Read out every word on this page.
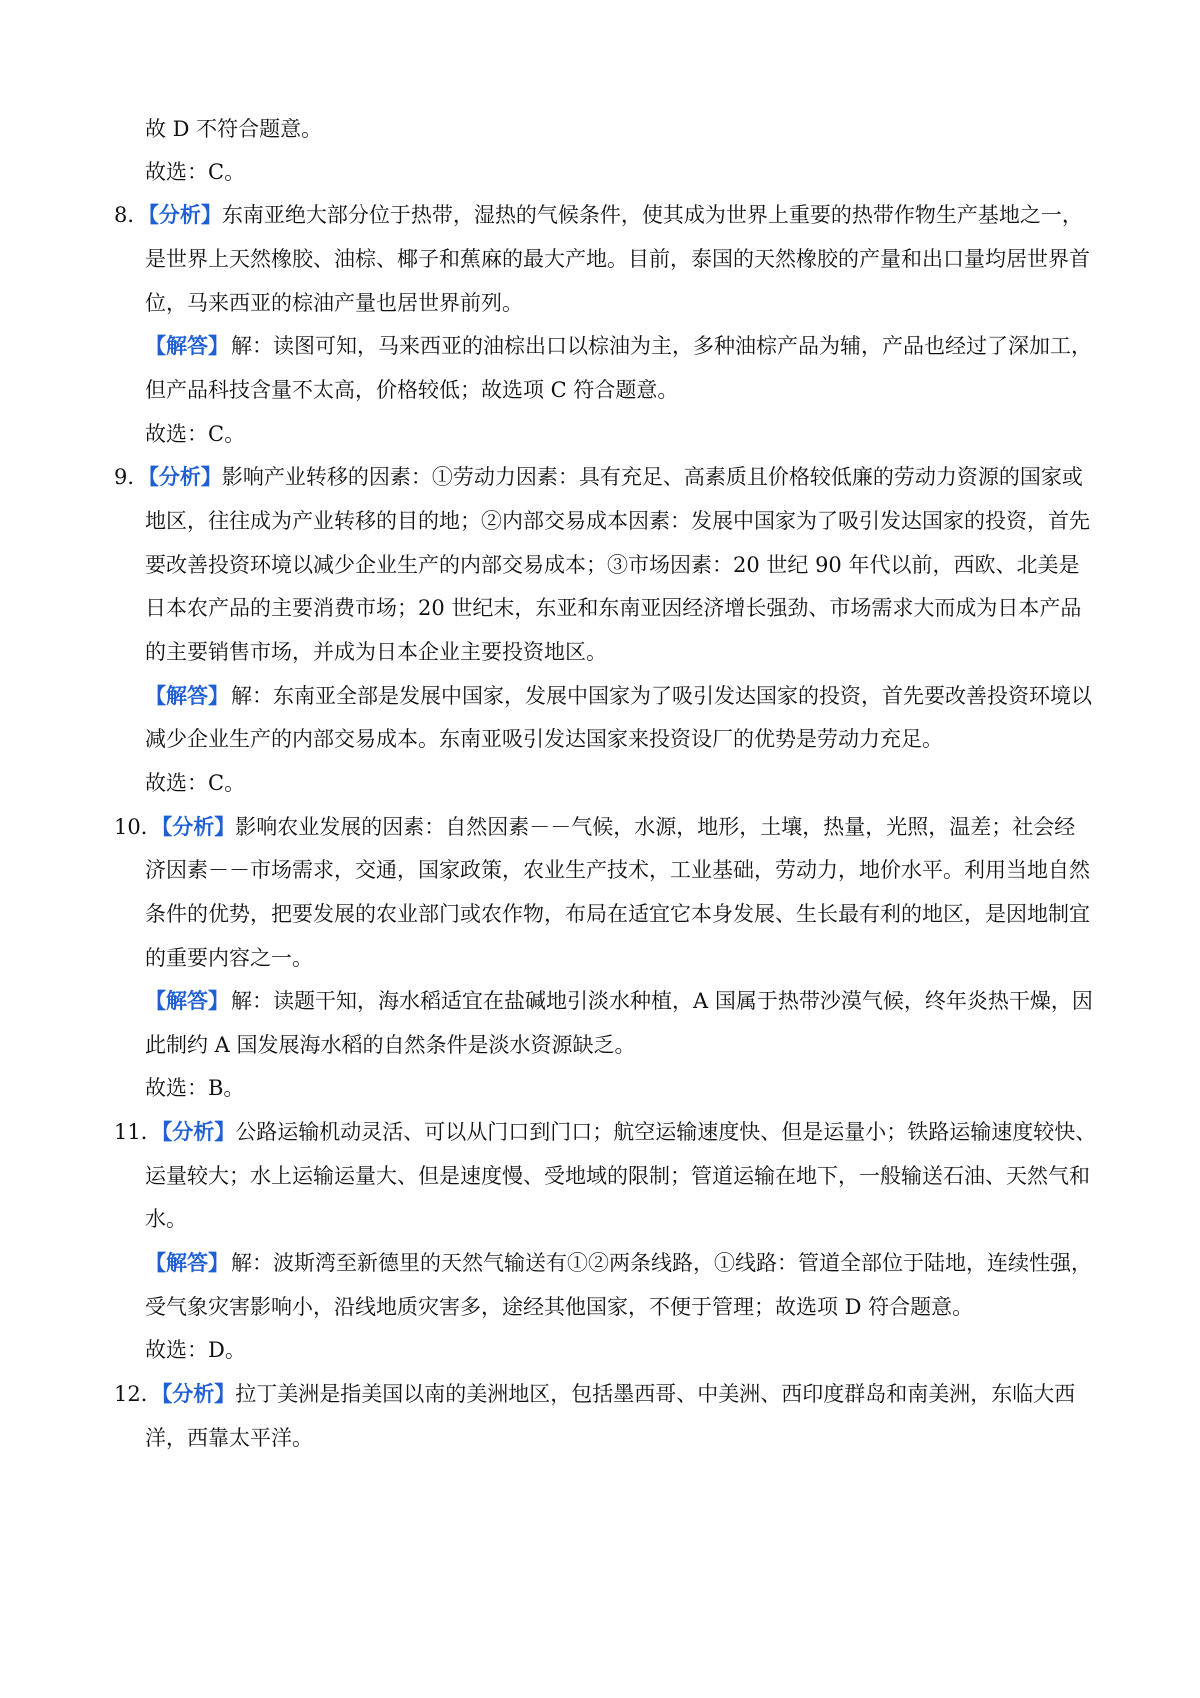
故 D 不符合题意。
故选：C。
8．【分析】东南亚绝大部分位于热带，湿热的气候条件，使其成为世界上重要的热带作物生产基地之一，
是世界上天然橡胶、油棕、椰子和蕉麻的最大产地。目前，泰国的天然橡胶的产量和出口量均居世界首
位，马来西亚的棕油产量也居世界前列。
【解答】解：读图可知，马来西亚的油棕出口以棕油为主，多种油棕产品为辅，产品也经过了深加工，
但产品科技含量不太高，价格较低；故选项 C 符合题意。
故选：C。
9．【分析】影响产业转移的因素：①劳动力因素：具有充足、高素质且价格较低廉的劳动力资源的国家或
地区，往往成为产业转移的目的地；②内部交易成本因素：发展中国家为了吸引发达国家的投资，首先
要改善投资环境以减少企业生产的内部交易成本；③市场因素：20 世纪 90 年代以前，西欧、北美是
日本农产品的主要消费市场；20 世纪末，东亚和东南亚因经济增长强劲、市场需求大而成为日本产品
的主要销售市场，并成为日本企业主要投资地区。
【解答】解：东南亚全部是发展中国家，发展中国家为了吸引发达国家的投资，首先要改善投资环境以
减少企业生产的内部交易成本。东南亚吸引发达国家来投资设厂的优势是劳动力充足。
故选：C。
10．【分析】影响农业发展的因素：自然因素－－气候，水源，地形，土壤，热量，光照，温差；社会经
济因素－－市场需求，交通，国家政策，农业生产技术，工业基础，劳动力，地价水平。利用当地自然
条件的优势，把要发展的农业部门或农作物，布局在适宜它本身发展、生长最有利的地区，是因地制宜
的重要内容之一。
【解答】解：读题干知，海水稻适宜在盐碱地引淡水种植，A 国属于热带沙漠气候，终年炎热干燥，因
此制约 A 国发展海水稻的自然条件是淡水资源缺乏。
故选：B。
11．【分析】公路运输机动灵活、可以从门口到门口；航空运输速度快、但是运量小；铁路运输速度较快、
运量较大；水上运输运量大、但是速度慢、受地域的限制；管道运输在地下，一般输送石油、天然气和
水。
【解答】解：波斯湾至新德里的天然气输送有①②两条线路，①线路：管道全部位于陆地，连续性强，
受气象灾害影响小，沿线地质灾害多，途经其他国家，不便于管理；故选项 D 符合题意。
故选：D。
12．【分析】拉丁美洲是指美国以南的美洲地区，包括墨西哥、中美洲、西印度群岛和南美洲，东临大西
洋，西靠太平洋。
